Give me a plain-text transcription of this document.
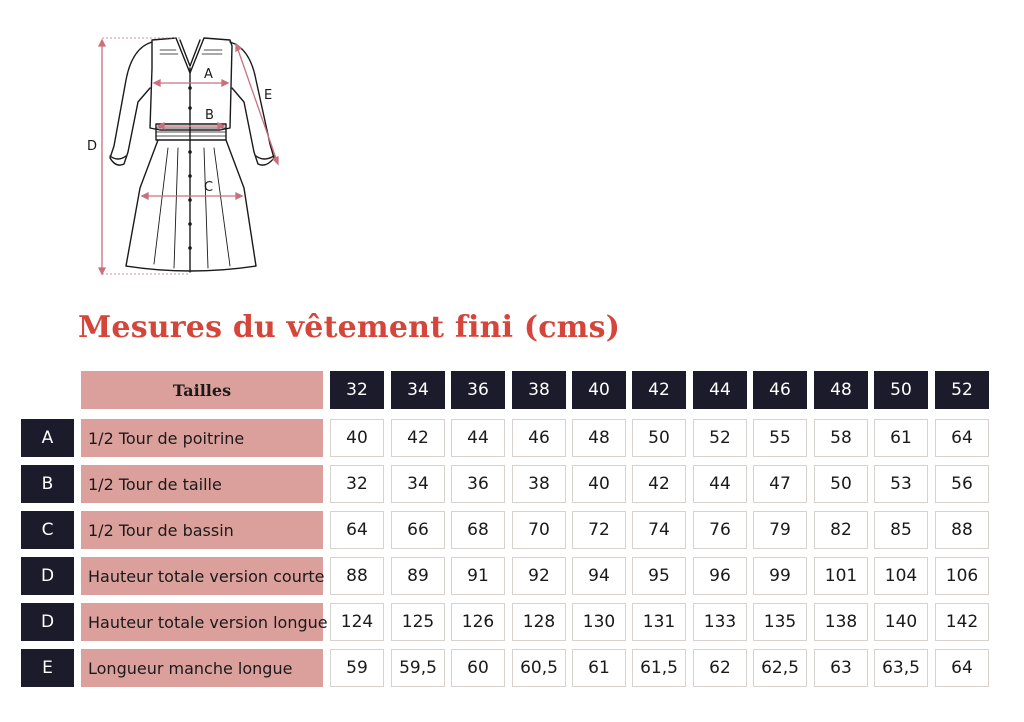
A
B
C
D
E
Mesures du vêtement fini (cms)
Tailles	32	34	36	38	40	42	44	46	48	50	52
A	1/2 Tour de poitrine	40	42	44	46	48	50	52	55	58	61	64
B	1/2 Tour de taille	32	34	36	38	40	42	44	47	50	53	56
C	1/2 Tour de bassin	64	66	68	70	72	74	76	79	82	85	88
D	Hauteur totale version courte	88	89	91	92	94	95	96	99	101	104	106
D	Hauteur totale version longue 124	125	126	128	130	131	133	135	138	140	142
E	Longueur manche longue	59	59,5	60	60,5	61	61,5	62	62,5	63	63,5	64
